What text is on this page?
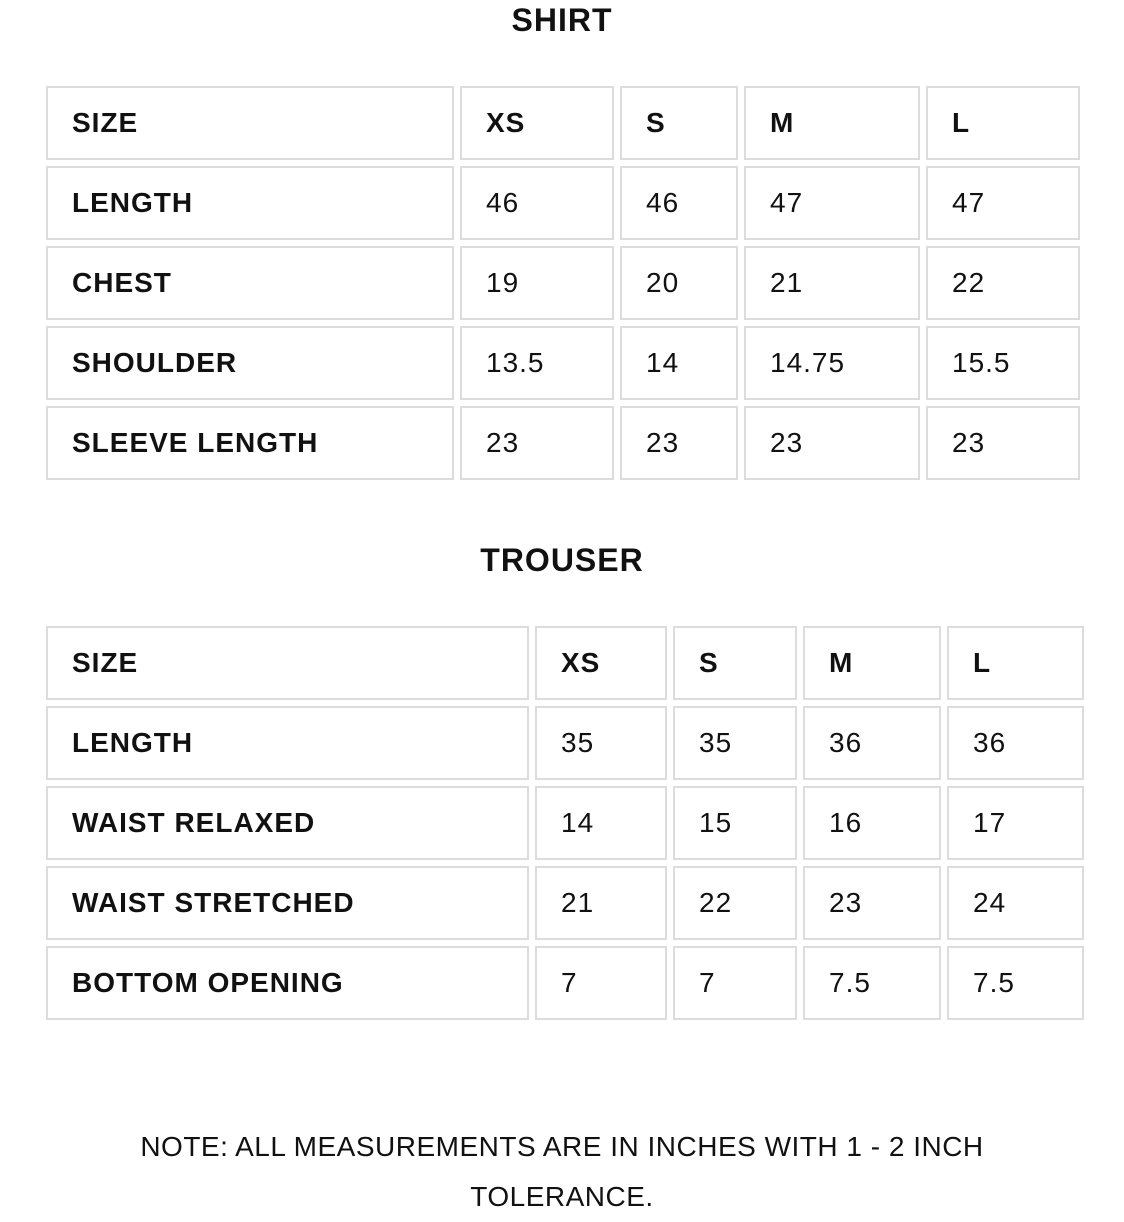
SHIRT
SIZE	XS	S	M	L
LENGTH	46	46	47	47
CHEST	19	20	21	22
SHOULDER	13.5	14	14.75	15.5
SLEEVE LENGTH	23	23	23	23
TROUSER
SIZE	XS	S	M	L
LENGTH	35	35	36	36
WAIST RELAXED	14	15	16	17
WAIST STRETCHED	21	22	23	24
BOTTOM OPENING	7	7	7.5	7.5

NOTE: ALL MEASUREMENTS ARE IN INCHES WITH 1 - 2 INCH TOLERANCE.
